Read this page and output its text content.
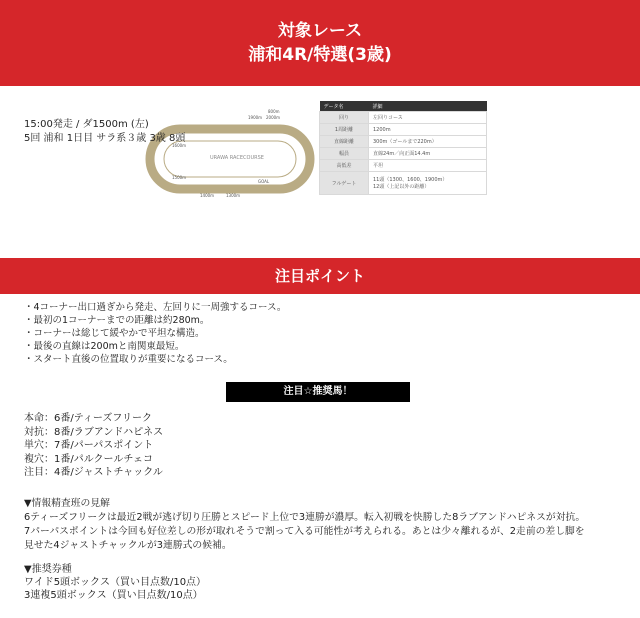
対象レース
浦和4R/特選(3歳)
URAWA RACECOURSE
800m
2000m
1900m
1600m
1500m
1400m	1300m
GOAL
データ名	詳細
回り	左回りコース
1周距離	1200m
直線距離	300m（ゴールまで220m）
幅員	直線24m／向正面14.4m
高低差	平坦
フルゲート	11頭（1300、1600、1900m）
12頭（上記以外の距離）
15:00発走 / ダ1500m (左)
5回 浦和 1日目 サラ系３歳 3歳 8頭
注目ポイント
・4コーナー出口過ぎから発走、左回りに一周強するコース。
・最初の1コーナーまでの距離は約280m。
・コーナーは総じて緩やかで平坦な構造。
・最後の直線は200mと南関東最短。
・スタート直後の位置取りが重要になるコース。
注目☆推奨馬！
本命：6番/ティーズフリーク
対抗：8番/ラブアンドハピネス
単穴：7番/パーパスポイント
複穴：1番/パルクールチェコ
注目：4番/ジャストチャックル
▼情報精査班の見解
6ティーズフリークは最近2戦が逃げ切り圧勝とスピード上位で3連勝が濃厚。転入初戦を快勝した8ラブアンドハピネスが対抗。
7パーパスポイントは今回も好位差しの形が取れそうで割って入る可能性が考えられる。あとは少々離れるが、2走前の差し脚を
見せた4ジャストチャックルが3連勝式の候補。
▼推奨券種
ワイド5頭ボックス（買い目点数/10点）
3連複5頭ボックス（買い目点数/10点）
